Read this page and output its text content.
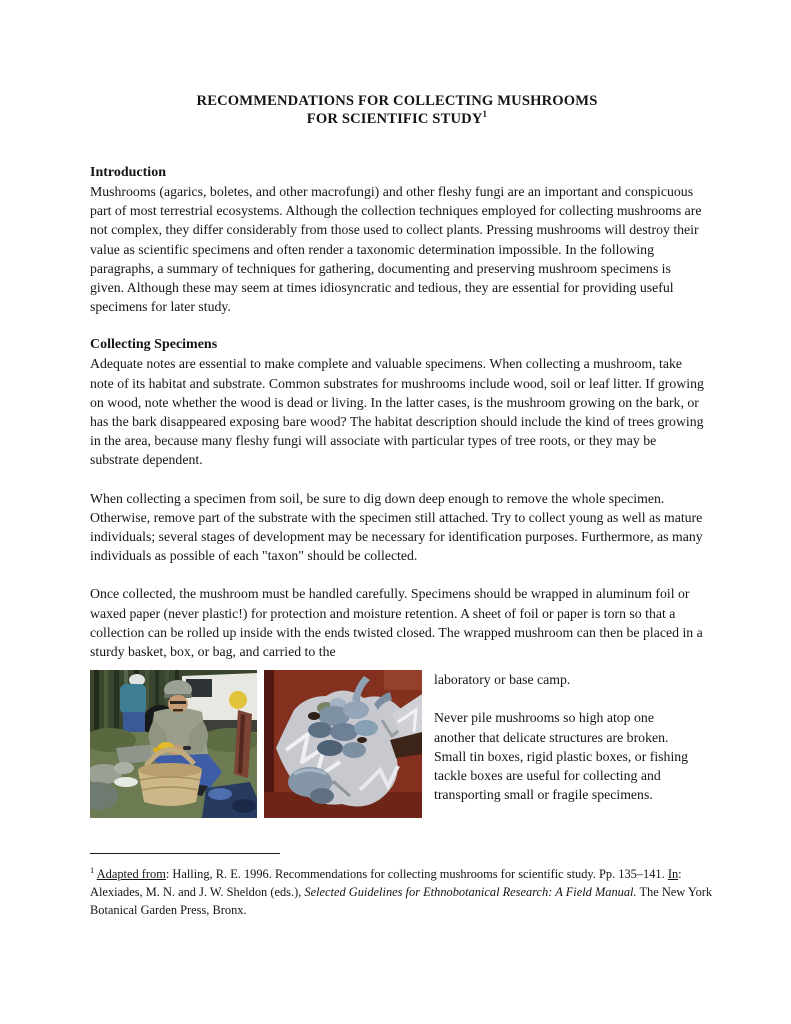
RECOMMENDATIONS FOR COLLECTING MUSHROOMS
FOR SCIENTIFIC STUDY$^1$
Introduction

Mushrooms (agarics, boletes, and other macrofungi) and other fleshy fungi are an important and conspicuous part of most terrestrial ecosystems. Although the collection techniques employed for collecting mushrooms are not complex, they differ considerably from those used to collect plants. Pressing mushrooms will destroy their value as scientific specimens and often render a taxonomic determination impossible. In the following paragraphs, a summary of techniques for gathering, documenting and preserving mushroom specimens is given. Although these may seem at times idiosyncratic and tedious, they are essential for providing useful specimens for later study.

Collecting Specimens

Adequate notes are essential to make complete and valuable specimens. When collecting a mushroom, take note of its habitat and substrate. Common substrates for mushrooms include wood, soil or leaf litter. If growing on wood, note whether the wood is dead or living. In the latter cases, is the mushroom growing on the bark, or has the bark disappeared exposing bare wood? The habitat description should include the kind of trees growing in the area, because many fleshy fungi will associate with particular types of tree roots, or they may be substrate dependent.

When collecting a specimen from soil, be sure to dig down deep enough to remove the whole specimen. Otherwise, remove part of the substrate with the specimen still attached. Try to collect young as well as mature individuals; several stages of development may be necessary for identification purposes. Furthermore, as many individuals as possible of each "taxon" should be collected.

Once collected, the mushroom must be handled carefully. Specimens should be wrapped in aluminum foil or waxed paper (never plastic!) for protection and moisture retention. A sheet of foil or paper is torn so that a collection can be rolled up inside with the ends twisted closed. The wrapped mushroom can then be placed in a sturdy basket, box, or bag, and carried to the

laboratory or base camp.

Never pile mushrooms so high atop one another that delicate structures are broken. Small tin boxes, rigid plastic boxes, or fishing tackle boxes are useful for collecting and transporting small or fragile specimens.

$^1$ Adapted from: Halling, R. E. 1996. Recommendations for collecting mushrooms for scientific study. Pp. 135–141. In: Alexiades, M. N. and J. W. Sheldon (eds.), Selected Guidelines for Ethnobotanical Research: A Field Manual. The New York Botanical Garden Press, Bronx.
